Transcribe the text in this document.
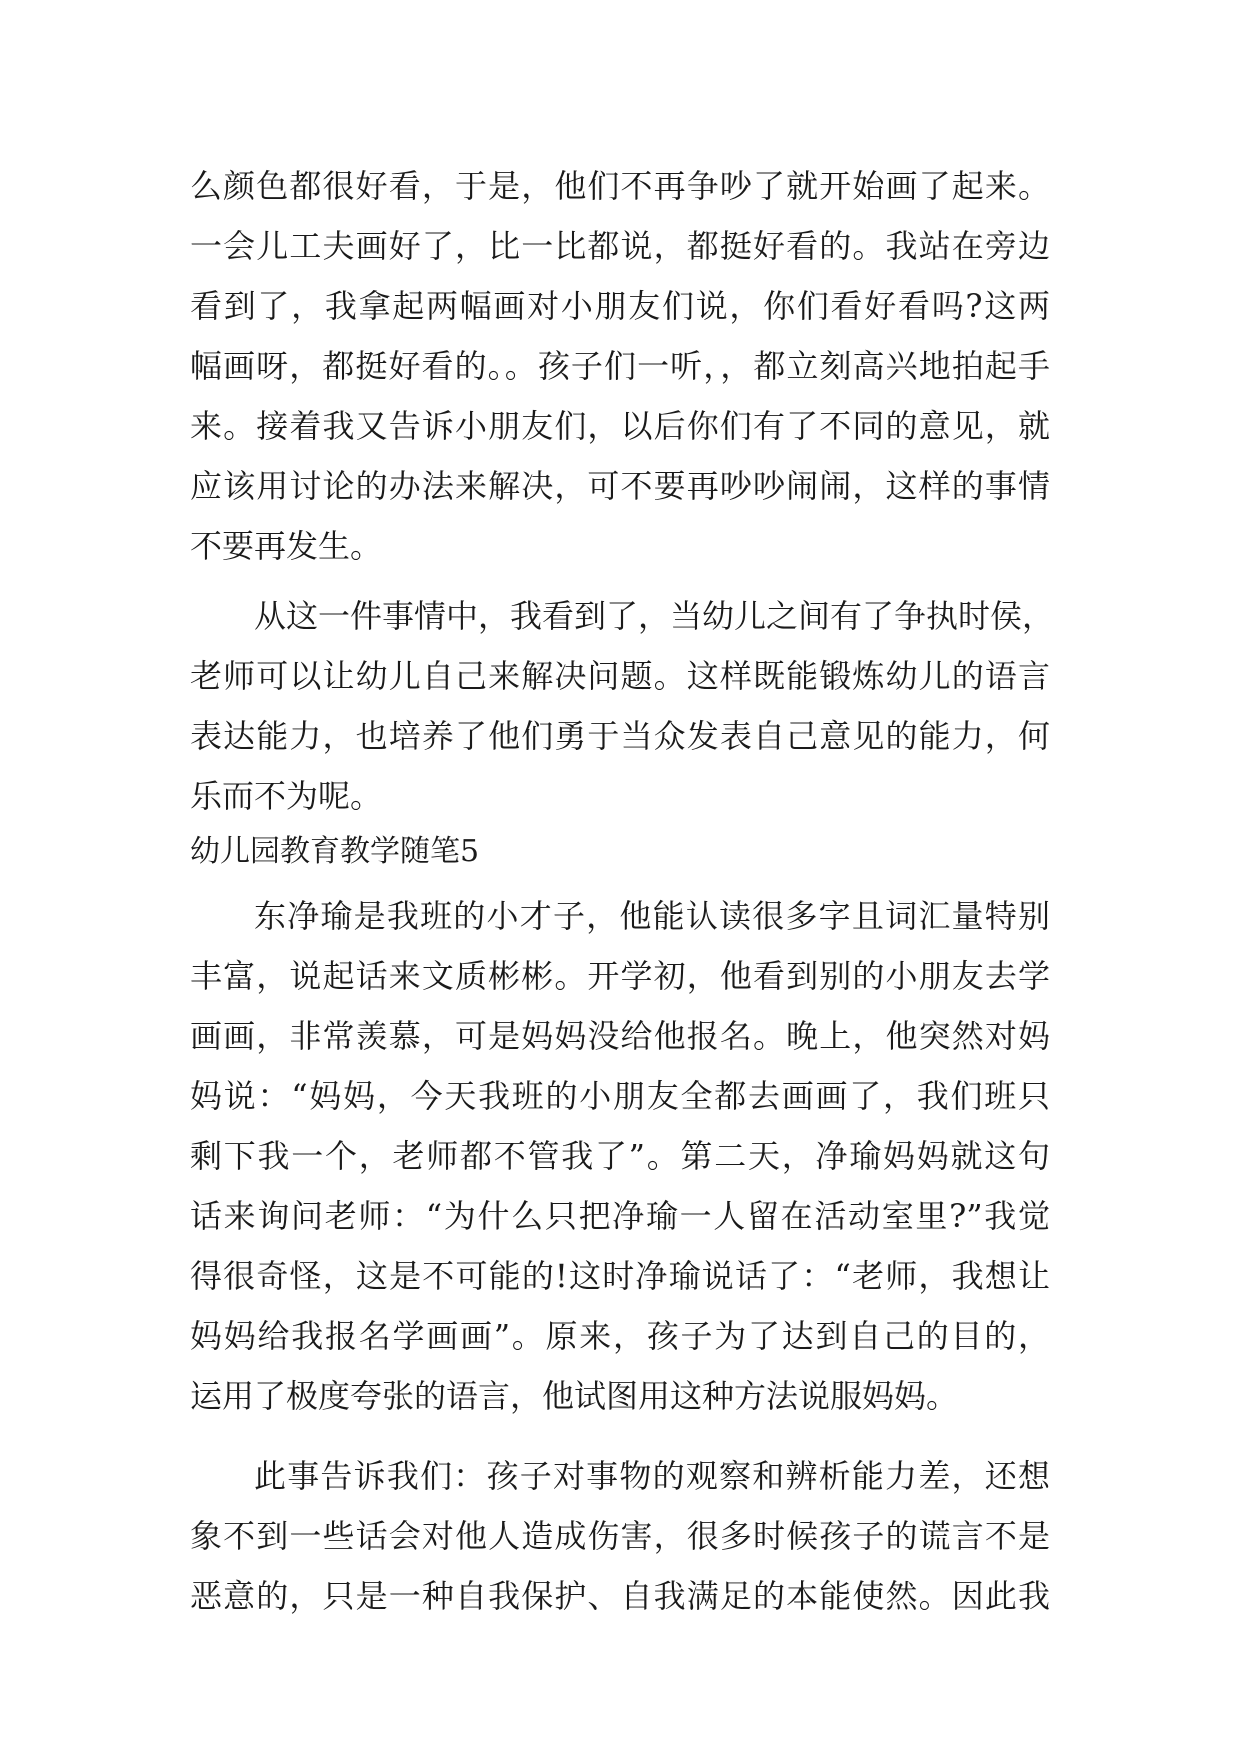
么颜色都很好看，于是，他们不再争吵了就开始画了起来。
一会儿工夫画好了，比一比都说，都挺好看的。我站在旁边
看到了，我拿起两幅画对小朋友们说，你们看好看吗?这两
幅画呀，都挺好看的。。孩子们一听，，都立刻高兴地拍起手
来。接着我又告诉小朋友们，以后你们有了不同的意见，就
应该用讨论的办法来解决，可不要再吵吵闹闹，这样的事情
不要再发生。
从这一件事情中，我看到了，当幼儿之间有了争执时侯，
老师可以让幼儿自己来解决问题。这样既能锻炼幼儿的语言
表达能力，也培养了他们勇于当众发表自己意见的能力，何
乐而不为呢。
幼儿园教育教学随笔5
东净瑜是我班的小才子，他能认读很多字且词汇量特别
丰富，说起话来文质彬彬。开学初，他看到别的小朋友去学
画画，非常羡慕，可是妈妈没给他报名。晚上，他突然对妈
妈说：“妈妈，今天我班的小朋友全都去画画了，我们班只
剩下我一个，老师都不管我了”。第二天，净瑜妈妈就这句
话来询问老师：“为什么只把净瑜一人留在活动室里?”我觉
得很奇怪，这是不可能的!这时净瑜说话了：“老师，我想让
妈妈给我报名学画画”。原来，孩子为了达到自己的目的，
运用了极度夸张的语言，他试图用这种方法说服妈妈。
此事告诉我们：孩子对事物的观察和辨析能力差，还想
象不到一些话会对他人造成伤害，很多时候孩子的谎言不是
恶意的，只是一种自我保护、自我满足的本能使然。因此我
